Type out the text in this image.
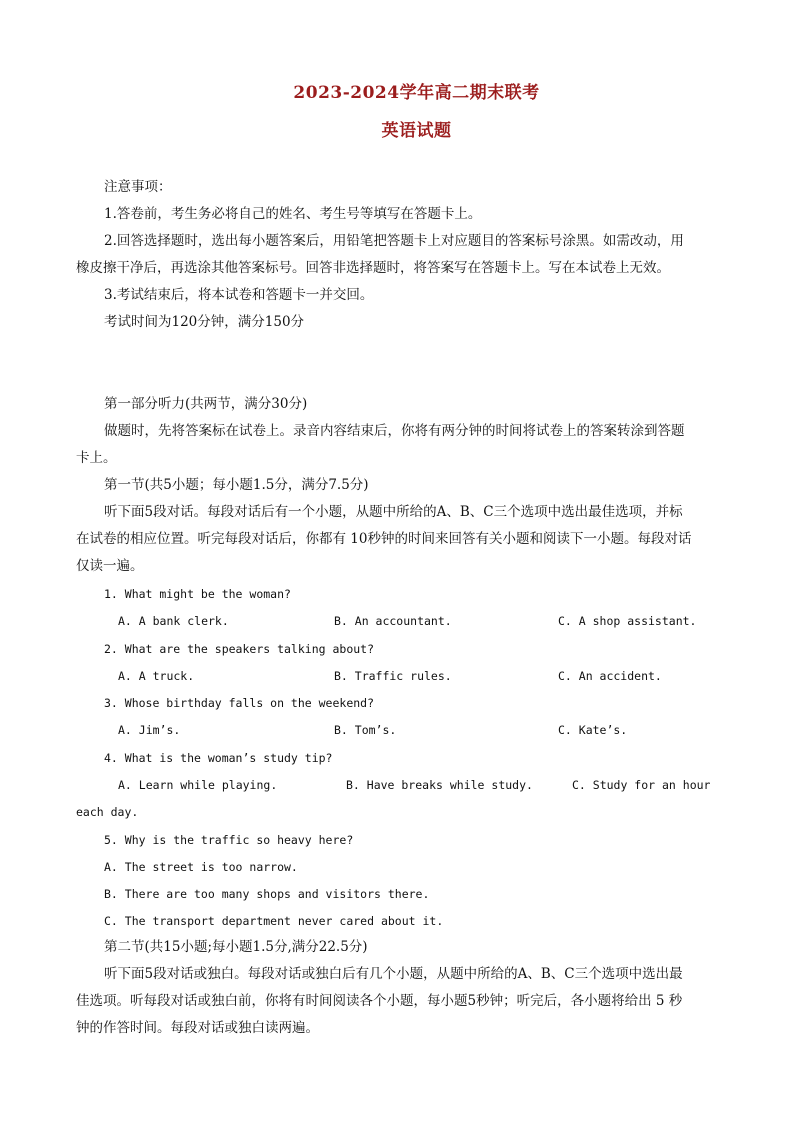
2023-2024学年高二期末联考
英语试题
注意事项：
1.答卷前，考生务必将自己的姓名、考生号等填写在答题卡上。
2.回答选择题时，选出每小题答案后，用铅笔把答题卡上对应题目的答案标号涂黑。如需改动，用
橡皮擦干净后，再选涂其他答案标号。回答非选择题时，将答案写在答题卡上。写在本试卷上无效。
3.考试结束后，将本试卷和答题卡一并交回。
考试时间为120分钟，满分150分
第一部分听力(共两节，满分30分)
做题时，先将答案标在试卷上。录音内容结束后，你将有两分钟的时间将试卷上的答案转涂到答题
卡上。
第一节(共5小题；每小题1.5分，满分7.5分)
听下面5段对话。每段对话后有一个小题，从题中所给的A、B、C三个选项中选出最佳选项，并标
在试卷的相应位置。听完每段对话后，你都有 10秒钟的时间来回答有关小题和阅读下一小题。每段对话
仅读一遍。
1. What might be the woman?
A. A bank clerk.	B. An accountant.	C. A shop assistant.
2. What are the speakers talking about?
A. A truck.	B. Traffic rules.	C. An accident.
3. Whose birthday falls on the weekend?
A. Jim’s.	B. Tom’s.	C. Kate’s.
4. What is the woman’s study tip?
A. Learn while playing.	B. Have breaks while study.	C. Study for an hour
each day.
5. Why is the traffic so heavy here?
A. The street is too narrow.
B. There are too many shops and visitors there.
C. The transport department never cared about it.
第二节(共15小题;每小题1.5分,满分22.5分)
听下面5段对话或独白。每段对话或独白后有几个小题，从题中所给的A、B、C三个选项中选出最
佳选项。听每段对话或独白前，你将有时间阅读各个小题，每小题5秒钟；听完后，各小题将给出 5 秒
钟的作答时间。每段对话或独白读两遍。
